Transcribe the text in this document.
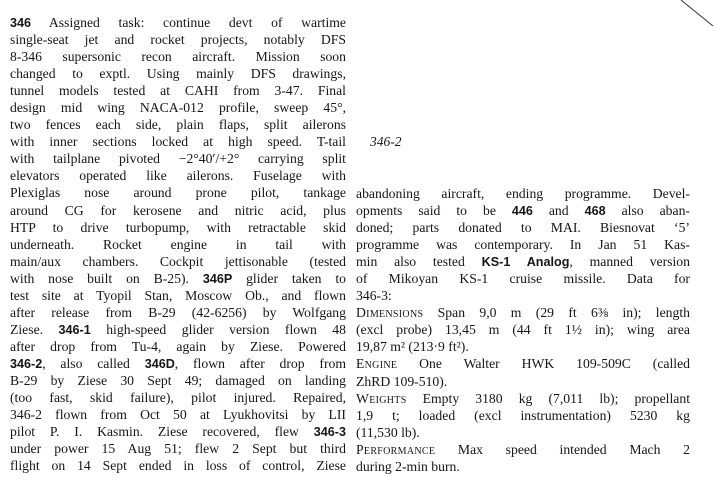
346 Assigned task: continue devt of wartime
single-seat jet and rocket projects, notably DFS
8-346 supersonic recon aircraft. Mission soon
changed to exptl. Using mainly DFS drawings,
tunnel models tested at CAHI from 3-47. Final
design mid wing NACA-012 profile, sweep 45°,
two fences each side, plain flaps, split ailerons
with inner sections locked at high speed. T-tail
with tailplane pivoted −2°40′/+2° carrying split
elevators operated like ailerons. Fuselage with
Plexiglas nose around prone pilot, tankage
around CG for kerosene and nitric acid, plus
HTP to drive turbopump, with retractable skid
underneath. Rocket engine in tail with
main/aux chambers. Cockpit jettisonable (tested
with nose built on B-25). 346P glider taken to
test site at Tyopil Stan, Moscow Ob., and flown
after release from B-29 (42-6256) by Wolfgang
Ziese. 346-1 high-speed glider version flown 48
after drop from Tu-4, again by Ziese. Powered
346-2, also called 346D, flown after drop from
B-29 by Ziese 30 Sept 49; damaged on landing
(too fast, skid failure), pilot injured. Repaired,
346-2 flown from Oct 50 at Lyukhovitsi by LII
pilot P. I. Kasmin. Ziese recovered, flew 346-3
under power 15 Aug 51; flew 2 Sept but third
flight on 14 Sept ended in loss of control, Ziese
346-2
abandoning aircraft, ending programme. Devel-
opments said to be 446 and 468 also aban-
doned; parts donated to MAI. Biesnovat ‘5’
programme was contemporary. In Jan 51 Kas-
min also tested KS-1 Analog, manned version
of Mikoyan KS-1 cruise missile. Data for
346-3:
Dimensions Span 9,0 m (29 ft 6⅜ in); length
(excl probe) 13,45 m (44 ft 1½ in); wing area
19,87 m² (213·9 ft²).
Engine One Walter HWK 109-509C (called
ZhRD 109-510).
Weights Empty 3180 kg (7,011 lb); propellant
1,9 t; loaded (excl instrumentation) 5230 kg
(11,530 lb).
Performance Max speed intended Mach 2
during 2-min burn.
